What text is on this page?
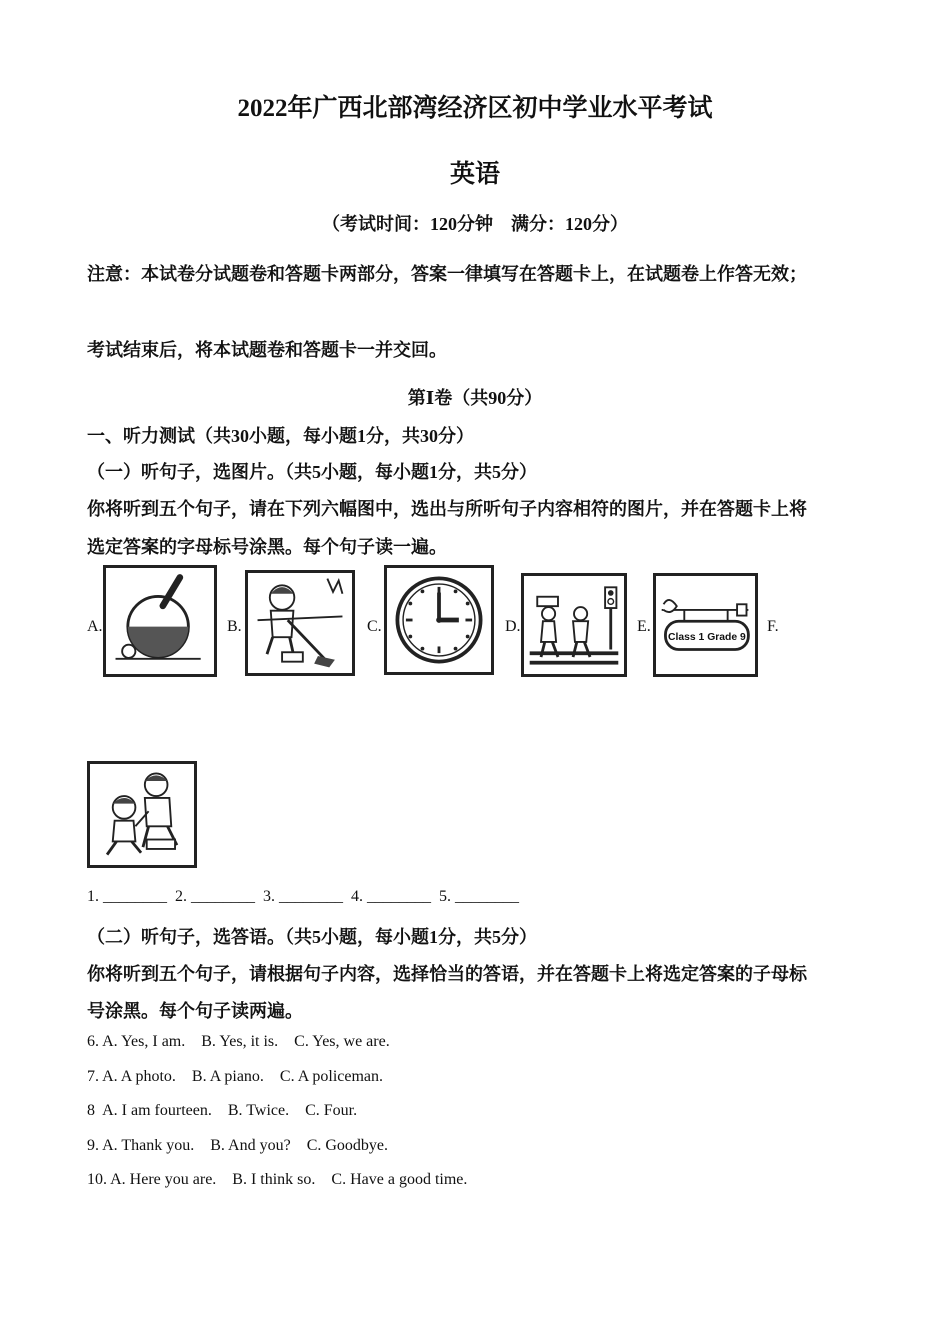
2022年广西北部湾经济区初中学业水平考试
英语
（考试时间：120分钟　满分：120分）
注意：本试卷分试题卷和答题卡两部分，答案一律填写在答题卡上，在试题卷上作答无效；
考试结束后，将本试题卷和答题卡一并交回。
第Ⅰ卷（共90分）
一、听力测试（共30小题，每小题1分，共30分）
（一）听句子，选图片。（共5小题，每小题1分，共5分）
你将听到五个句子，请在下列六幅图中，选出与所听句子内容相符的图片，并在答题卡上将
选定答案的字母标号涂黑。每个句子读一遍。
A.	B.	C.	D.	E.	F.
Class 1 Grade 9
1. ________  2. ________  3. ________  4. ________  5. ________
（二）听句子，选答语。（共5小题，每小题1分，共5分）
你将听到五个句子，请根据句子内容，选择恰当的答语，并在答题卡上将选定答案的子母标
号涂黑。每个句子读两遍。
6. A. Yes, I am.    B. Yes, it is.    C. Yes, we are.
7. A. A photo.    B. A piano.    C. A policeman.
8  A. I am fourteen.    B. Twice.    C. Four.
9. A. Thank you.    B. And you?    C. Goodbye.
10. A. Here you are.    B. I think so.    C. Have a good time.
